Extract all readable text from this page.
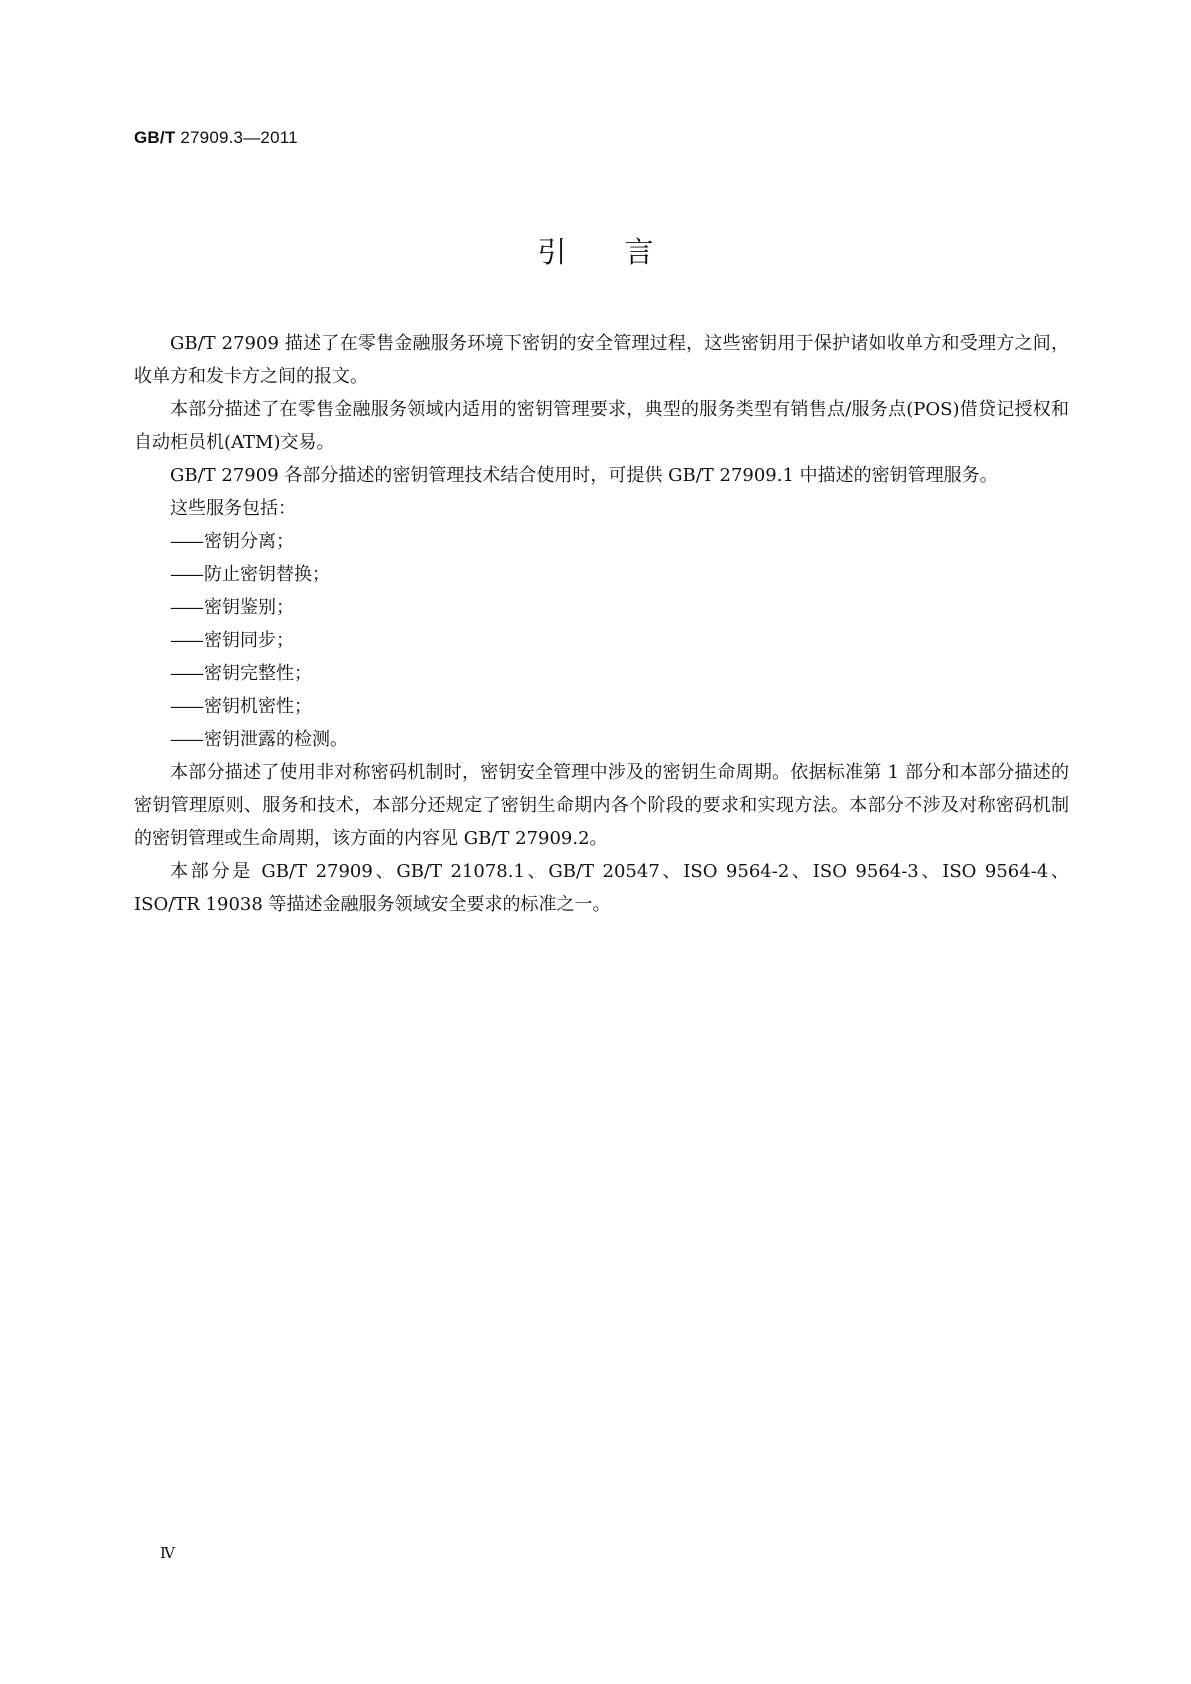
GB/T 27909.3—2011
引言

GB/T 27909 描述了在零售金融服务环境下密钥的安全管理过程，这些密钥用于保护诸如收单方和受理方之间，收单方和发卡方之间的报文。

本部分描述了在零售金融服务领域内适用的密钥管理要求，典型的服务类型有销售点/服务点(POS)借贷记授权和自动柜员机(ATM)交易。

GB/T 27909 各部分描述的密钥管理技术结合使用时，可提供 GB/T 27909.1 中描述的密钥管理服务。

这些服务包括：
—— 密钥分离；
—— 防止密钥替换；
—— 密钥鉴别；
—— 密钥同步；
—— 密钥完整性；
—— 密钥机密性；
—— 密钥泄露的检测。

本部分描述了使用非对称密码机制时，密钥安全管理中涉及的密钥生命周期。依据标准第 1 部分和本部分描述的密钥管理原则、服务和技术，本部分还规定了密钥生命期内各个阶段的要求和实现方法。本部分不涉及对称密码机制的密钥管理或生命周期，该方面的内容见 GB/T 27909.2。

本部分是 GB/T 27909、GB/T 21078.1、GB/T 20547、ISO 9564-2、ISO 9564-3、ISO 9564-4、ISO/TR 19038 等描述金融服务领域安全要求的标准之一。

Ⅳ
